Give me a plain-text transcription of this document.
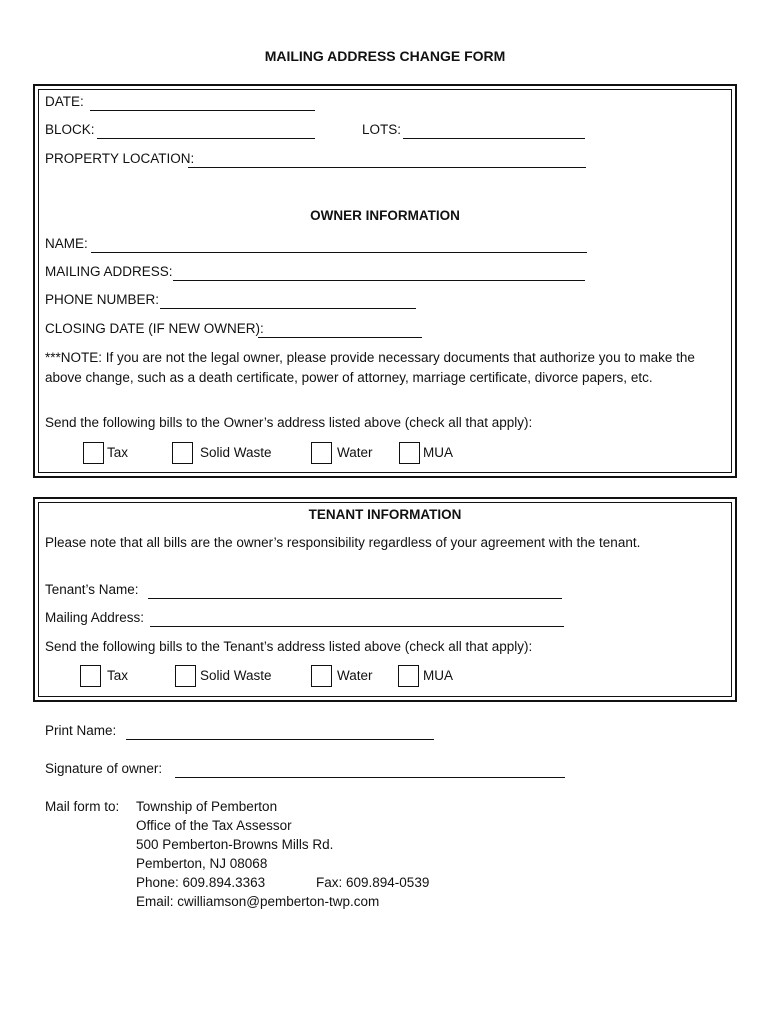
MAILING ADDRESS CHANGE FORM
DATE:
BLOCK:	LOTS:
PROPERTY LOCATION:
OWNER INFORMATION
NAME:
MAILING ADDRESS:
PHONE NUMBER:
CLOSING DATE (IF NEW OWNER):
***NOTE: If you are not the legal owner, please provide necessary documents that authorize you to make the above change, such as a death certificate, power of attorney, marriage certificate, divorce papers, etc.
Send the following bills to the Owner’s address listed above (check all that apply):
Tax	Solid Waste	Water	MUA
TENANT INFORMATION
Please note that all bills are the owner’s responsibility regardless of your agreement with the tenant.
Tenant’s Name:
Mailing Address:
Send the following bills to the Tenant’s address listed above (check all that apply):
Tax	Solid Waste	Water	MUA
Print Name:
Signature of owner:
Mail form to: Township of Pemberton
Office of the Tax Assessor
500 Pemberton-Browns Mills Rd.
Pemberton, NJ 08068
Phone: 609.894.3363	Fax: 609.894-0539
Email: cwilliamson@pemberton-twp.com
